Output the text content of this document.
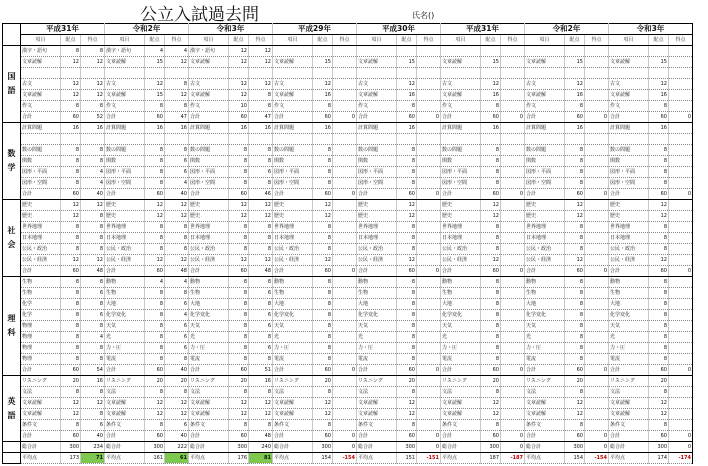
公立入試過去問	氏名()
	平成31年			令和2年			令和3年			平成29年			平成30年			平成31年			令和2年			令和3年		
	項目	配点	得点	項目	配点	得点	項目	配点	得点	項目	配点	得点	項目	配点	得点	項目	配点	得点	項目	配点	得点	項目	配点	得点

国
語	漢字・語句	8	8	漢字・語句	4	4	漢字・語句	12	12															
	文章読解	12	12	文章読解	15	12	文章読解	12	12	文章読解	15		文章読解	15		文章読解	15		文章読解	15		文章読解	15	

	古文	12	12	古文	12	8	古文	12	12	古文	12		古文	12		古文	12		古文	12		古文	12	
	文章読解	12	12	文章読解	15	12	文章読解	12	8	文章読解	16		文章読解	16		文章読解	16		文章読解	16		文章読解	16	
	作文	8	8	作文	8	8	作文	10	8	作文	8		作文	8		作文	8		作文	8		作文	8	
	合計	60	52	合計	60	47	合計	60	47	合計	60	0	合計	60	0	合計	60	0	合計	60	0	合計	60	0

数
学	計算問題	16	16	計算問題	16	16	計算問題	16	16	計算問題	16		計算問題	16		計算問題	16		計算問題	16		計算問題	16	

	数の問題	8	8	数の問題	8	8	数の問題	8	8	数の問題	8		数の問題	8		数の問題	8		数の問題	8		数の問題	8	
	関数	8	8	関数	8	6	関数	8	8	関数	8		関数	8		関数	8		関数	8		関数	8	
	図形・平面	8	4	図形・平面	8	6	図形・平面	8	6	図形・平面	8		図形・平面	8		図形・平面	8		図形・平面	8		図形・平面	8	
	図形・空間	8	4	図形・空間	8	4	図形・空間	8	8	図形・空間	8		図形・空間	8		図形・空間	8		図形・空間	8		図形・空間	8	
	合計	60	40	合計	60	40	合計	60	46	合計	60	0	合計	60	0	合計	60	0	合計	60	0	合計	60	0

社
会	歴史	12	12	歴史	12	12	歴史	12	12	歴史	12		歴史	12		歴史	12		歴史	12		歴史	12	
	歴史	12	8	歴史	12	12	歴史	12	12	歴史	12		歴史	12		歴史	12		歴史	12		歴史	12	
	世界地理	8	8	世界地理	8	8	世界地理	8	8	世界地理	8		世界地理	8		世界地理	8		世界地理	8		世界地理	8	
	日本地理	8	8	日本地理	8	8	日本地理	8	8	日本地理	8		日本地理	8		日本地理	8		日本地理	8		日本地理	8	
	公民・政治	8	8	公民・政治	8	8	公民・政治	8	8	公民・政治	8		公民・政治	8		公民・政治	8		公民・政治	8		公民・政治	8	
	公民・経済	12	12	公民・経済	12	12	公民・経済	12	12	公民・経済	12		公民・経済	12		公民・経済	12		公民・経済	12		公民・経済	12	
	合計	60	48	合計	60	48	合計	60	48	合計	60	0	合計	60	0	合計	60	0	合計	60	0	合計	60	0

理
科	生物	8	8	動物	4	4	動物	8	8	動物	8		動物	8		動物	8		動物	8		動物	8	
	生物	8	6	生物	8	8	生物	8	6	生物	8		生物	8		生物	8		生物	8		生物	8	
	化学	8	8	大地	8	6	大地	8	8	大地	8		大地	8		大地	8		大地	8		大地	8	
	化学	8	6	化学変化	8	4	化学変化	8	6	化学変化	8		化学変化	8		化学変化	8		化学変化	8		化学変化	8	
	物理	8	8	天気	8	6	天気	8	6	天気	8		天気	8		天気	8		天気	8		天気	8	
	物理	8	4	光	8	6	光	8	8	光	8		光	8		光	8		光	8		光	8	
	物理	8	8	力・圧	8	6	力・圧	8	6	力・圧	8		力・圧	8		力・圧	8		力・圧	8		力・圧	8	
	物理	8	8	電流	8	8	電流	8	8	電流	8		電流	8		電流	8		電流	8		電流	8	
	合計	60	54	合計	60	40	合計	60	51	合計	60	0	合計	60	0	合計	60	0	合計	60	0	合計	60	0

英
語	リスニング	20	16	リスニング	20	20	リスニング	20	16	リスニング	20		リスニング	20		リスニング	20		リスニング	20		リスニング	20	
	文法	8	8	文法	8	8	文法	8	8	文法	8		文法	8		文法	8		文法	8		文法	8	
	文章読解	12	12	文章読解	12	12	文章読解	12	12	文章読解	12		文章読解	12		文章読解	12		文章読解	12		文章読解	12	
	文章読解	12	8	文章読解	12	12	文章読解	12	12	文章読解	12		文章読解	12		文章読解	12		文章読解	12		文章読解	12	
	条件文	8	6	条件文	8	6	条件文	8	8	条件文	8		条件文	8		条件文	8		条件文	8		条件文	8	
	合計	60	40	合計	60	40	合計	60	48	合計	60	0	合計	60	0	合計	60	0	合計	60	0	合計	60	0
	総合計	300	234	総合計	300	222	総合計	300	240	総合計	300	0	総合計	300	0	総合計	300	0	総合計	300	0	総合計	300	0
	平均点	173	71	平均点	161	61	平均点	176	81	平均点	154	-154	平均点	151	-151	平均点	187	-187	平均点	154	-154	平均点	174	-174
